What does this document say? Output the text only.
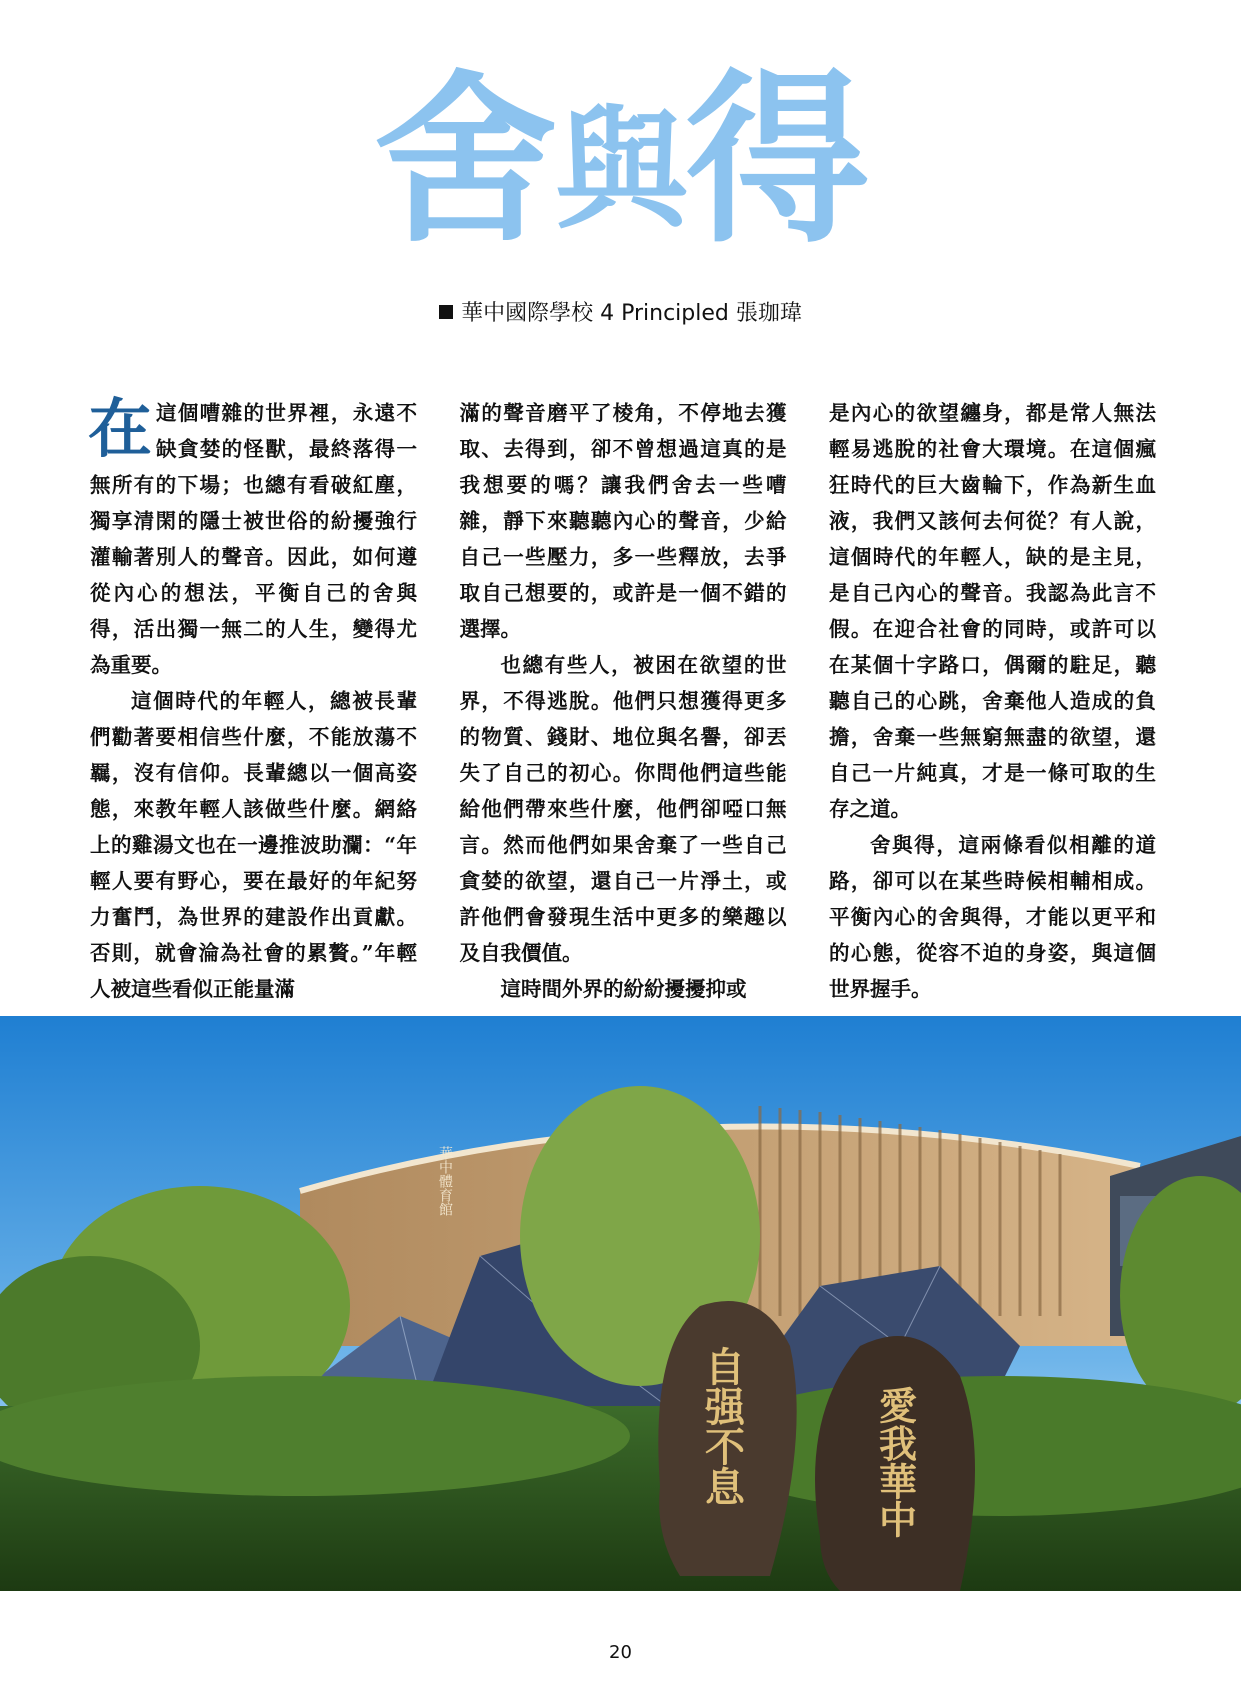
舍與得
華中國際學校 4 Principled 張珈瑋

在這個嘈雜的世界裡，永遠不缺貪婪的怪獸，最終落得一無所有的下場；也總有看破紅塵，獨享清閑的隱士被世俗的紛擾強行灌輸著別人的聲音。因此，如何遵從內心的想法，平衡自己的舍與得，活出獨一無二的人生，變得尤為重要。

這個時代的年輕人，總被長輩們勸著要相信些什麼，不能放蕩不羈，沒有信仰。長輩總以一個高姿態，來教年輕人該做些什麼。網絡上的雞湯文也在一邊推波助瀾：“年輕人要有野心，要在最好的年紀努力奮鬥，為世界的建設作出貢獻。否則，就會淪為社會的累贅。”年輕人被這些看似正能量滿

滿的聲音磨平了棱角，不停地去獲取、去得到，卻不曾想過這真的是我想要的嗎？讓我們舍去一些嘈雜，靜下來聽聽內心的聲音，少給自己一些壓力，多一些釋放，去爭取自己想要的，或許是一個不錯的選擇。

也總有些人，被困在欲望的世界，不得逃脫。他們只想獲得更多的物質、錢財、地位與名譽，卻丟失了自己的初心。你問他們這些能給他們帶來些什麼，他們卻啞口無言。然而他們如果舍棄了一些自己貪婪的欲望，還自己一片淨土，或許他們會發現生活中更多的樂趣以及自我價值。

這時間外界的紛紛擾擾抑或

是內心的欲望纏身，都是常人無法輕易逃脫的社會大環境。在這個瘋狂時代的巨大齒輪下，作為新生血液，我們又該何去何從？有人說，這個時代的年輕人，缺的是主見，是自己內心的聲音。我認為此言不假。在迎合社會的同時，或許可以在某個十字路口，偶爾的駐足，聽聽自己的心跳，舍棄他人造成的負擔，舍棄一些無窮無盡的欲望，還自己一片純真，才是一條可取的生存之道。

舍與得，這兩條看似相離的道路，卻可以在某些時候相輔相成。平衡內心的舍與得，才能以更平和的心態，從容不迫的身姿，與這個世界握手。

自强不息	愛我華中
華中體育館
20
